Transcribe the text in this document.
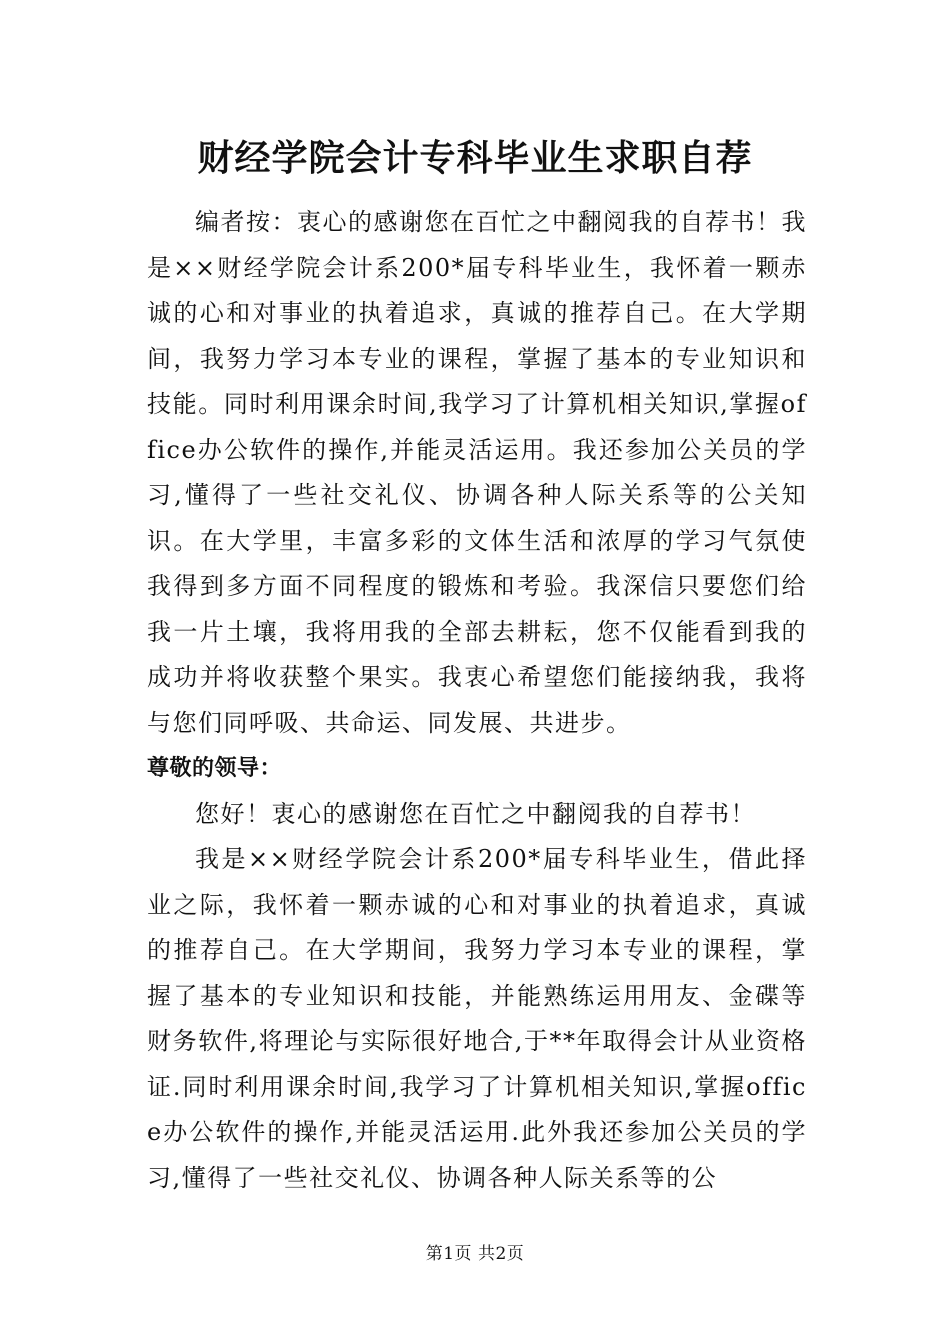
财经学院会计专科毕业生求职自荐

编者按：衷心的感谢您在百忙之中翻阅我的自荐书！我是××财经学院会计系200*届专科毕业生，我怀着一颗赤诚的心和对事业的执着追求，真诚的推荐自己。在大学期间，我努力学习本专业的课程，掌握了基本的专业知识和技能。同时利用课余时间,我学习了计算机相关知识,掌握office办公软件的操作,并能灵活运用。我还参加公关员的学习,懂得了一些社交礼仪、协调各种人际关系等的公关知识。在大学里，丰富多彩的文体生活和浓厚的学习气氛使我得到多方面不同程度的锻炼和考验。我深信只要您们给我一片土壤，我将用我的全部去耕耘，您不仅能看到我的成功并将收获整个果实。我衷心希望您们能接纳我，我将与您们同呼吸、共命运、同发展、共进步。

尊敬的领导：

您好！衷心的感谢您在百忙之中翻阅我的自荐书！

我是××财经学院会计系200*届专科毕业生，借此择业之际，我怀着一颗赤诚的心和对事业的执着追求，真诚的推荐自己。在大学期间，我努力学习本专业的课程，掌握了基本的专业知识和技能，并能熟练运用用友、金碟等财务软件,将理论与实际很好地合,于**年取得会计从业资格证.同时利用课余时间,我学习了计算机相关知识,掌握office办公软件的操作,并能灵活运用.此外我还参加公关员的学习,懂得了一些社交礼仪、协调各种人际关系等的公

第1页 共2页
